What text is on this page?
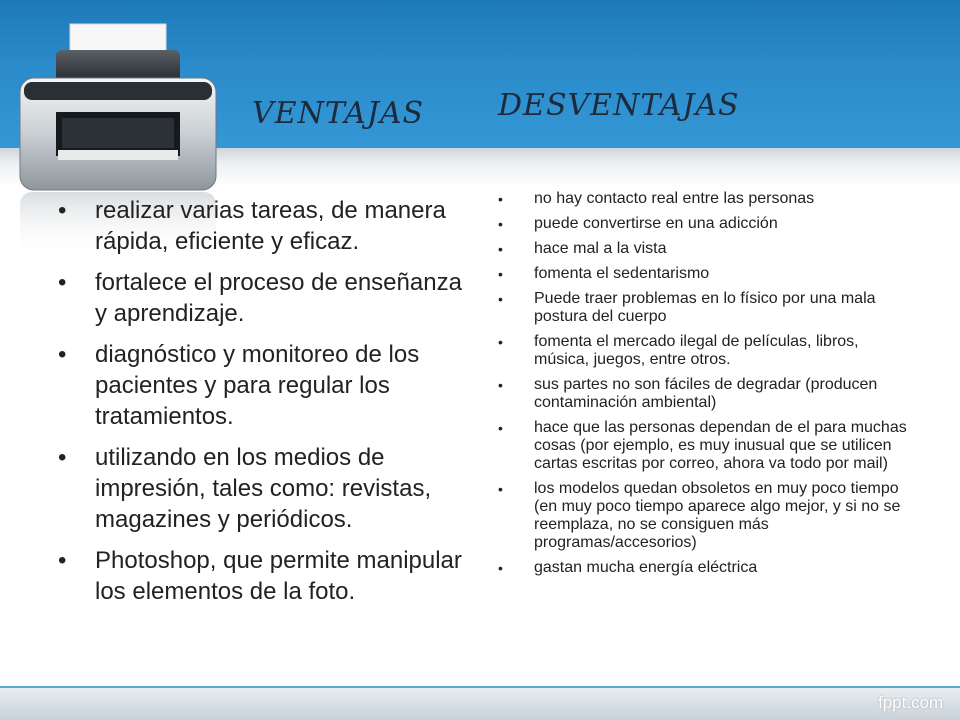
VENTAJAS DESVENTAJAS
• realizar varias tareas, de manera rápida, eficiente y eficaz.
• fortalece el proceso de enseñanza y aprendizaje.
• diagnóstico y monitoreo de los pacientes y para regular los tratamientos.
• utilizando en los medios de impresión, tales como: revistas, magazines y periódicos.
• Photoshop, que permite manipular los elementos de la foto.
• no hay contacto real entre las personas
• puede convertirse en una adicción
• hace mal a la vista
• fomenta el sedentarismo
• Puede traer problemas en lo físico por una mala postura del cuerpo
• fomenta el mercado ilegal de películas, libros, música, juegos, entre otros.
• sus partes no son fáciles de degradar (producen contaminación ambiental)
• hace que las personas dependan de el para muchas cosas (por ejemplo, es muy inusual que se utilicen cartas escritas por correo, ahora va todo por mail)
• los modelos quedan obsoletos en muy poco tiempo (en muy poco tiempo aparece algo mejor, y si no se reemplaza, no se consiguen más programas/accesorios)
• gastan mucha energía eléctrica
fppt.com
